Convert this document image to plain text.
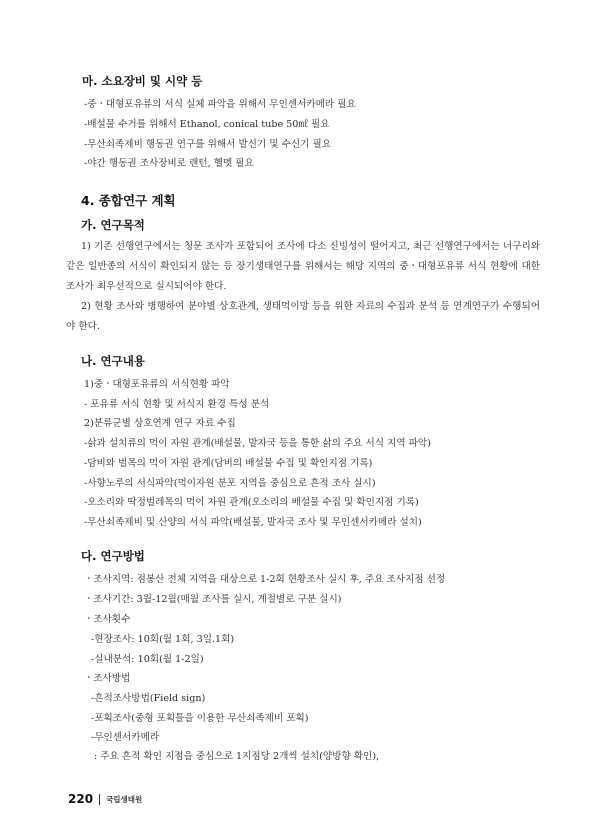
마. 소요장비 및 시약 등
-중ㆍ대형포유류의 서식 실체 파악을 위해서 무인센서카메라 필요
-배설물 수거를 위해서 Ethanol, conical tube 50㎖ 필요
-무산쇠족제비 행동권 연구를 위해서 발신기 및 수신기 필요
-야간 행동권 조사장비로 랜턴, 헬멧 필요
4. 종합연구 계획
가. 연구목적
1) 기존 선행연구에서는 청문 조사가 포함되어 조사에 다소 신빙성이 떨어지고, 최근 선행연구에서는 너구리와 같은 일반종의 서식이 확인되지 않는 등 장기생태연구를 위해서는 해당 지역의 중ㆍ대형포유류 서식 현황에 대한 조사가 최우선적으로 실시되어야 한다.
2) 현황 조사와 병행하여 분야별 상호관계, 생태먹이망 등을 위한 자료의 수집과 분석 등 연계연구가 수행되어야 한다.
나. 연구내용
1)중ㆍ대형포유류의 서식현황 파악
- 포유류 서식 현황 및 서식지 환경 특성 분석
2)분류군별 상호연계 연구 자료 수집
-삵과 설치류의 먹이 자원 관계(배설물, 발자국 등을 통한 삵의 주요 서식 지역 파악)
-담비와 벌목의 먹이 자원 관계(담비의 배설물 수집 및 확인지점 기록)
-사향노루의 서식파악(먹이자원 분포 지역을 중심으로 흔적 조사 실시)
-오소리와 딱정벌레목의 먹이 자원 관계(오소리의 배설물 수집 및 확인지점 기록)
-무산쇠족제비 및 산양의 서식 파악(배설물, 발자국 조사 및 무인센서카메라 설치)
다. 연구방법
ㆍ조사지역: 점봉산 전체 지역을 대상으로 1-2회 현황조사 실시 후, 주요 조사지점 선정
ㆍ조사기간: 3월-12월(매월 조사를 실시, 계절별로 구분 실시)
ㆍ조사횟수
-현장조사: 10회(월 1회, 3일.1회)
-실내분석: 10회(월 1-2일)
ㆍ조사방법
-흔적조사방법(Field sign)
-포획조사(중형 포획틀을 이용한 무산쇠족제비 포획)
-무인센서카메라
: 주요 흔적 확인 지점을 중심으로 1지점당 2개씩 설치(양방향 확인),
220 국립생태원
